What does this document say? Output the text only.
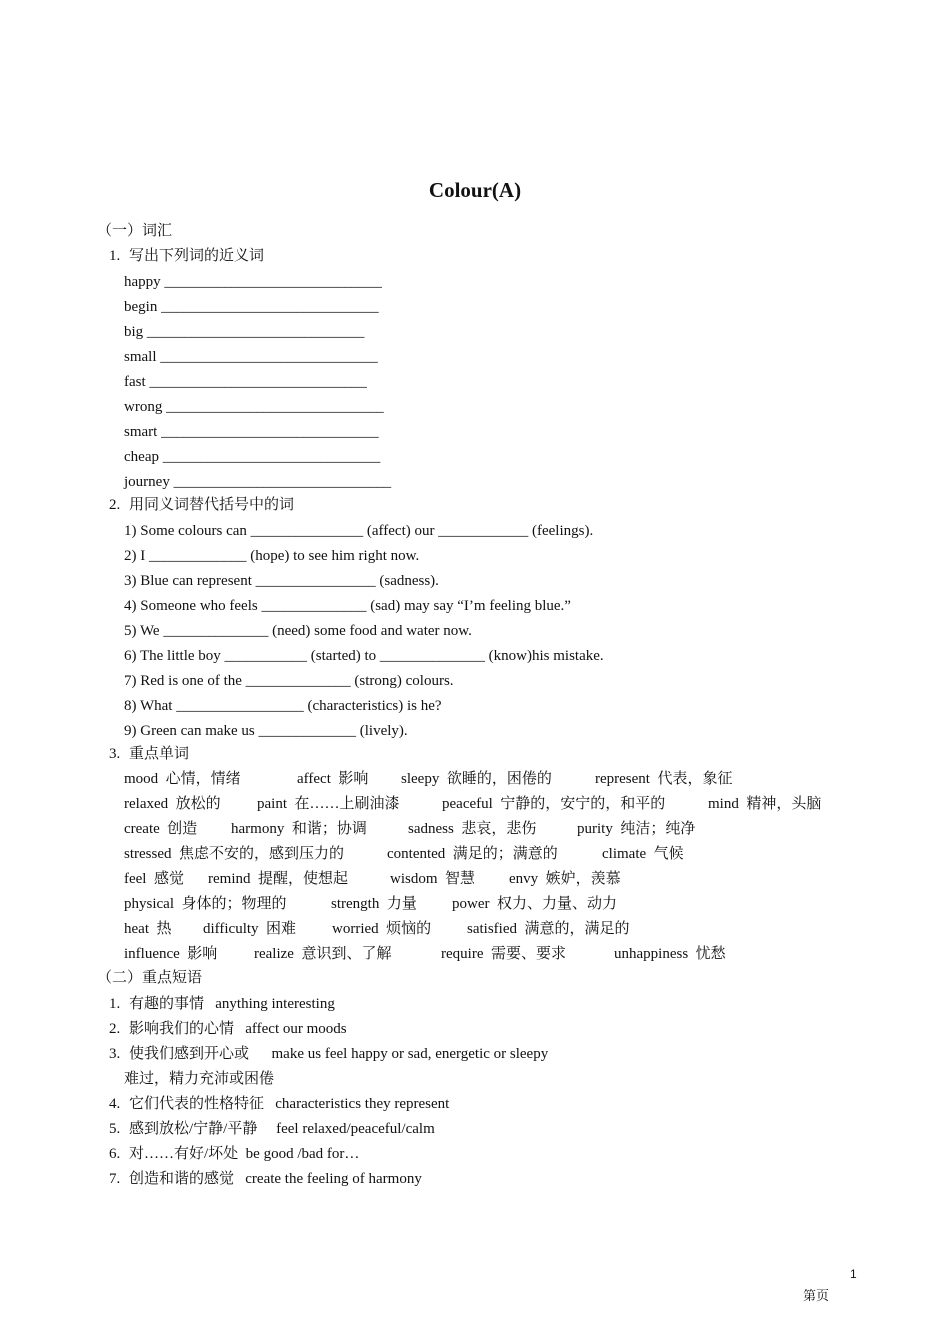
Colour(A)
（一）词汇
1. 写出下列词的近义词
happy _____________________________
begin _____________________________
big _____________________________
small _____________________________
fast _____________________________
wrong _____________________________
smart _____________________________
cheap _____________________________
journey _____________________________
2. 用同义词替代括号中的词
1) Some colours can _______________ (affect) our ____________ (feelings).
2) I _____________ (hope) to see him right now.
3) Blue can represent ________________ (sadness).
4) Someone who feels ______________ (sad) may say “I’m feeling blue.”
5) We ______________ (need) some food and water now.
6) The little boy ___________ (started) to ______________ (know)his mistake.
7) Red is one of the ______________ (strong) colours.
8) What _________________ (characteristics) is he?
9) Green can make us _____________ (lively).
3. 重点单词
mood  心情，情绪	affect  影响 sleepy  欲睡的，困倦的	represent  代表，象征
relaxed  放松的 paint  在……上刷油漆	peaceful  宁静的，安宁的，和平的	mind  精神，头脑
create  创造 harmony  和谐；协调	sadness  悲哀，悲伤	purity  纯洁；纯净
stressed  焦虑不安的，感到压力的	contented  满足的；满意的	climate  气候
feel  感觉 remind  提醒，使想起	wisdom  智慧 envy  嫉妒，羡慕
physical  身体的；物理的	strength  力量 power  权力、力量、动力
heat  热 difficulty  困难 worried  烦恼的 satisfied  满意的，满足的
influence  影响 realize  意识到、了解	require  需要、要求	unhappiness  忧愁
（二）重点短语
1. 有趣的事情 anything interesting
2. 影响我们的心情 affect our moods
3. 使我们感到开心或 make us feel happy or sad, energetic or sleepy
难过，精力充沛或困倦
4. 它们代表的性格特征 characteristics they represent
5. 感到放松/宁静/平静 feel relaxed/peaceful/calm
6. 对……有好/坏处 be good /bad for…
7. 创造和谐的感觉 create the feeling of harmony
1
第页
